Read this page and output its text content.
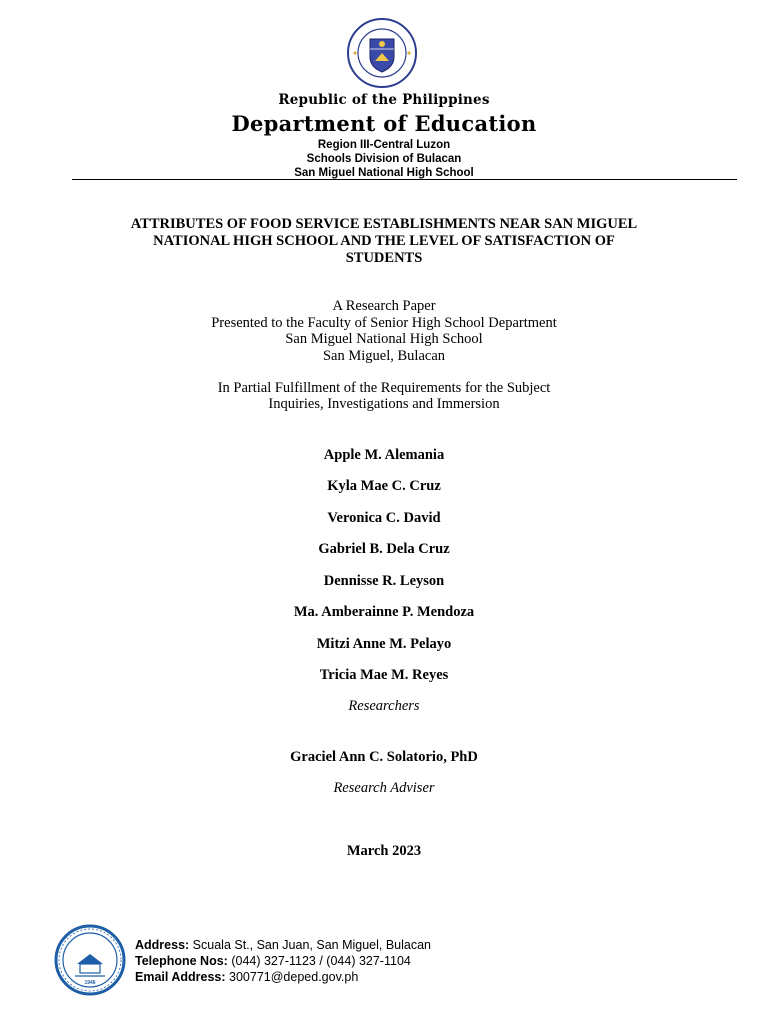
Republic of the Philippines
Department of Education
Region III-Central Luzon
Schools Division of Bulacan
San Miguel National High School
ATTRIBUTES OF FOOD SERVICE ESTABLISHMENTS NEAR SAN MIGUEL
NATIONAL HIGH SCHOOL AND THE LEVEL OF SATISFACTION OF
STUDENTS
A Research Paper
Presented to the Faculty of Senior High School Department
San Miguel National High School
San Miguel, Bulacan
In Partial Fulfillment of the Requirements for the Subject
Inquiries, Investigations and Immersion
Apple M. Alemania
Kyla Mae C. Cruz
Veronica C. David
Gabriel B. Dela Cruz
Dennisse R. Leyson
Ma. Amberainne P. Mendoza
Mitzi Anne M. Pelayo
Tricia Mae M. Reyes
Researchers
Graciel Ann C. Solatorio, PhD
Research Adviser
March 2023
1946
Address: Scuala St., San Juan, San Miguel, Bulacan
Telephone Nos: (044) 327-1123 / (044) 327-1104
Email Address: 300771@deped.gov.ph
